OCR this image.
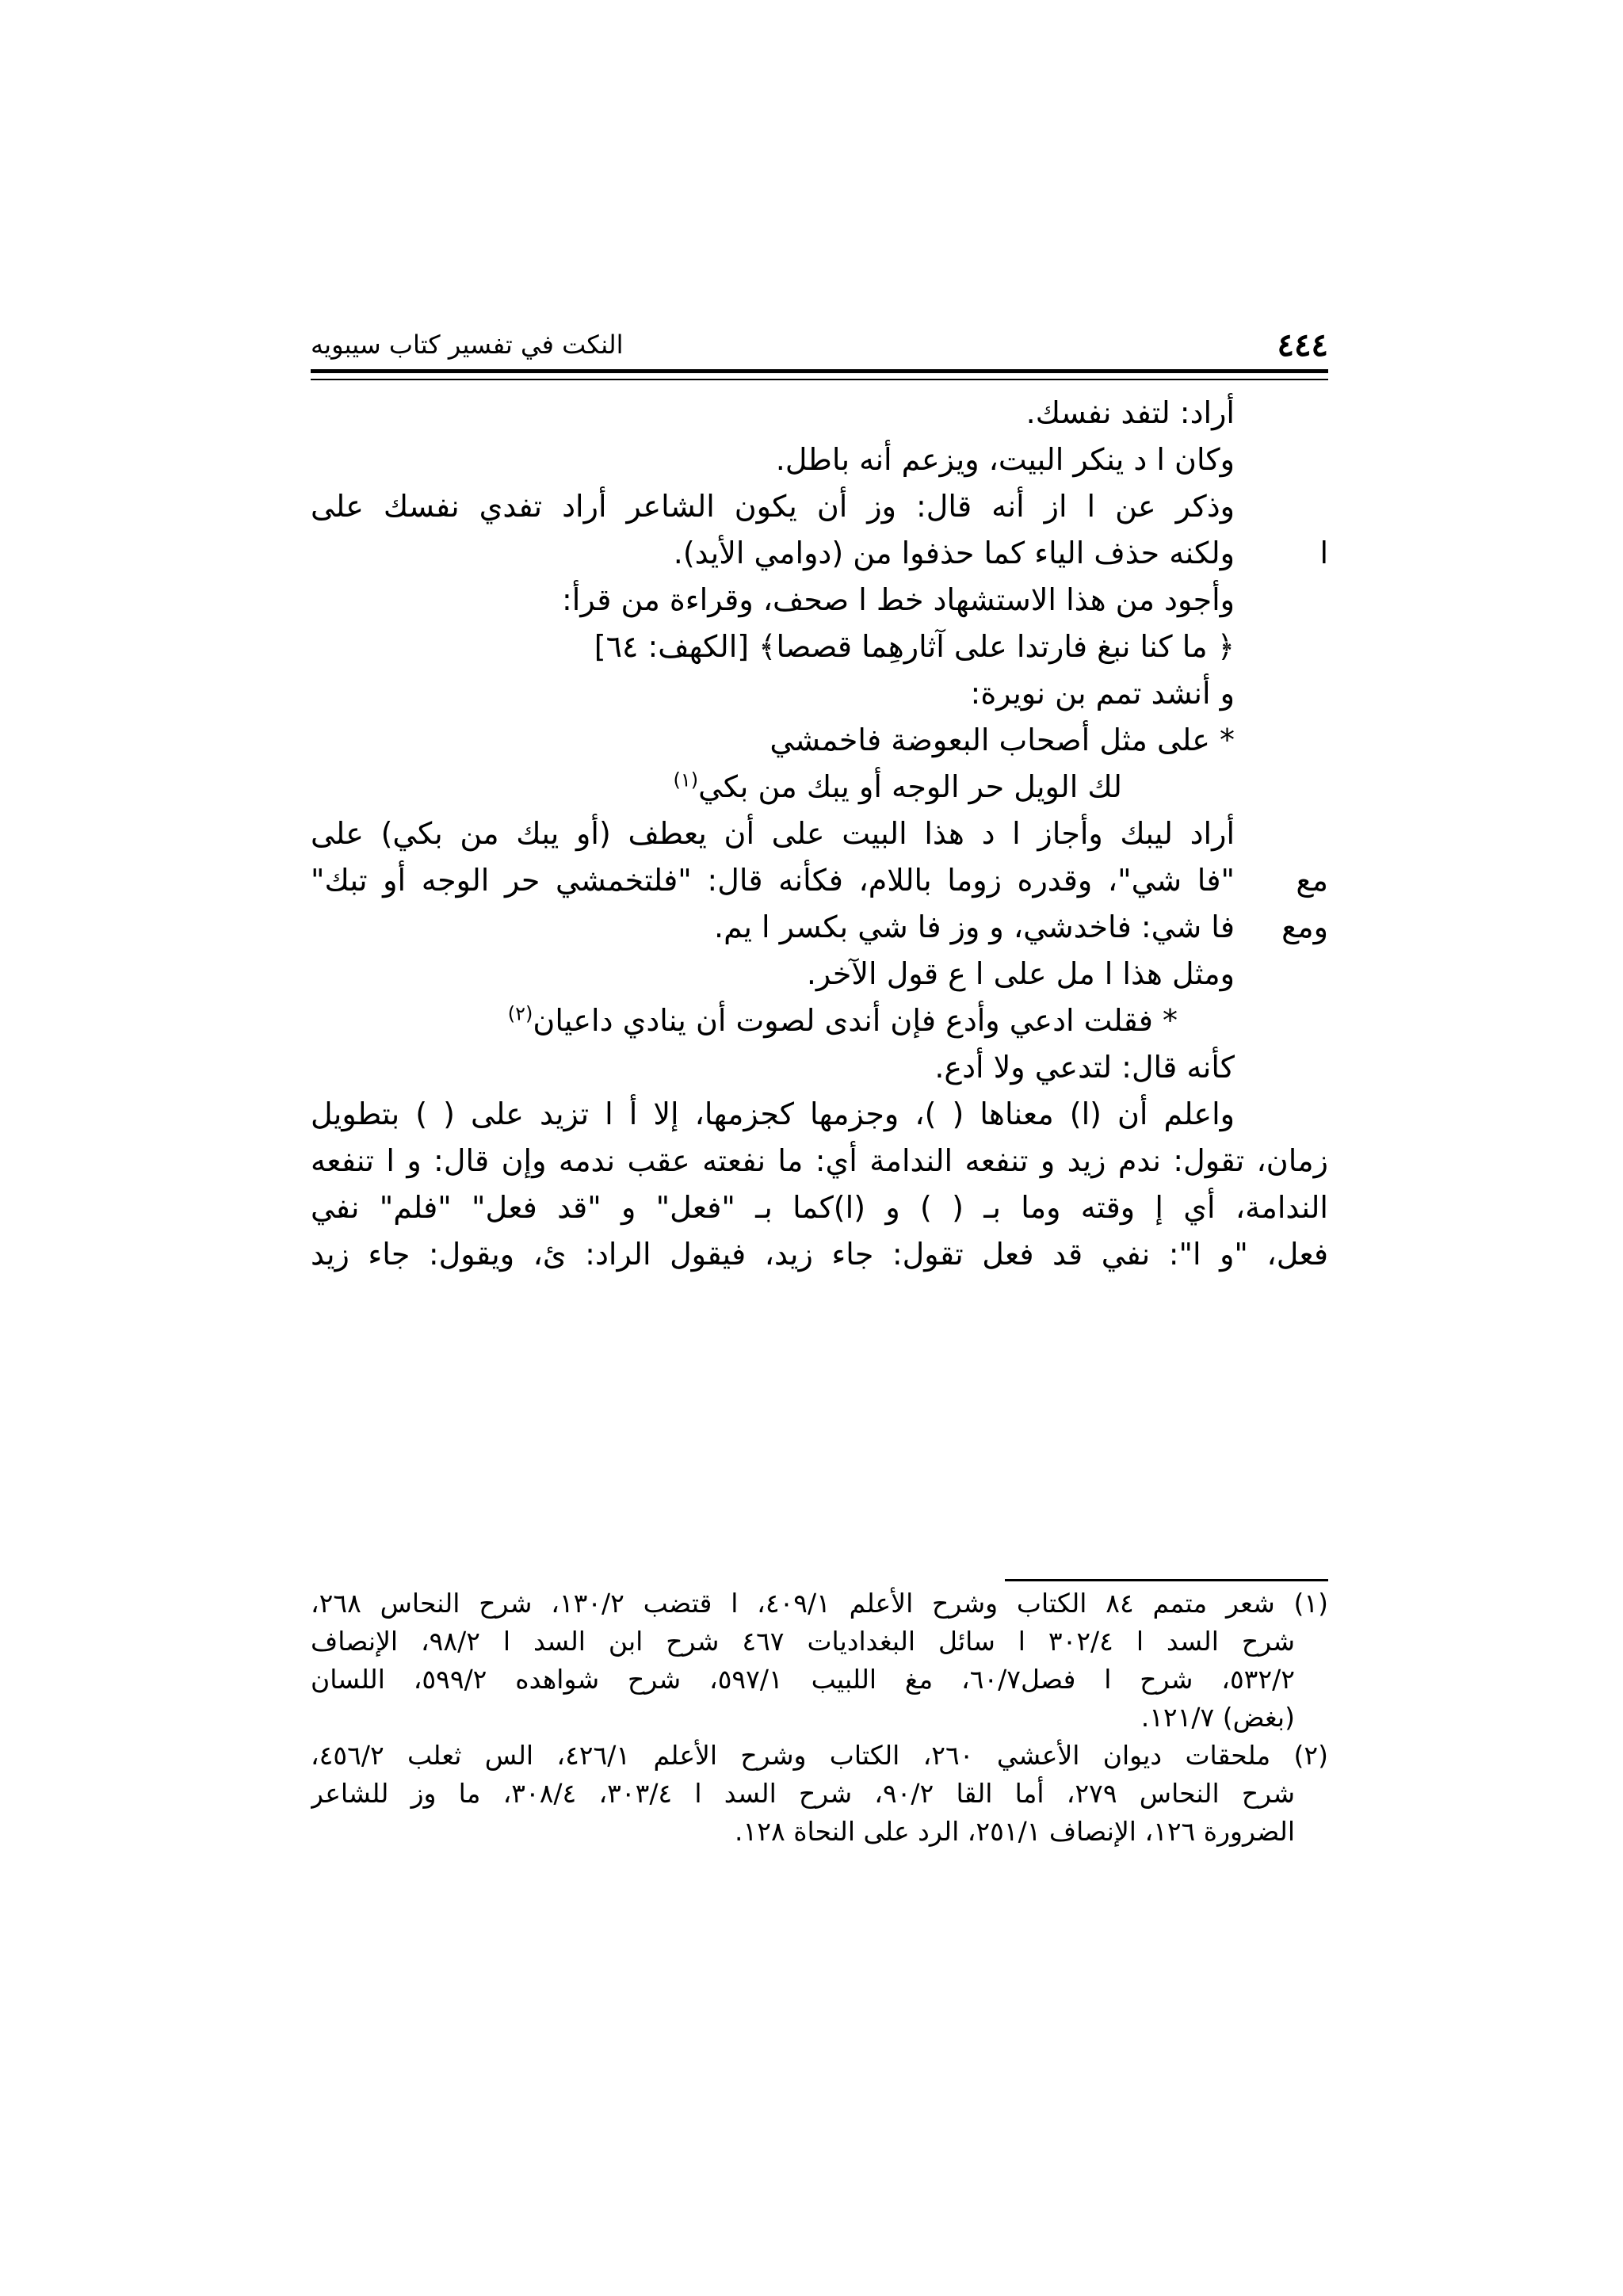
٤٤٤
النكت في تفسير كتاب سيبويه
أراد: لتفد نفسك.
وكان ا د ينكر البيت، ويزعم أنه باطل.
وذكر عن ا از أنه قال: وز أن يكون الشاعر أراد تفدي نفسك على
ا
ولكنه حذف الياء كما حذفوا من (دوامي الأيد).
وأجود من هذا الاستشهاد خط ا صحف، وقراءة من قرأ:
﴿ ما كنا نبغ فارتدا على آثارهِما قصصا﴾ [الكهف: ٦٤]
و أنشد تمم بن نويرة:
* على مثل أصحاب البعوضة فاخمشي
لك الويل حر الوجه أو يبك من بكي$^{(١)}$
أراد ليبك وأجاز ا د هذا البيت على أن يعطف (أو يبك من بكي) على
مع
"فا شي"، وقدره زوما باللام، فكأنه قال: "فلتخمشي حر الوجه أو تبك"
ومع
فا شي: فاخدشي، و وز فا شي بكسر ا يم.
ومثل هذا ا مل على ا ع قول الآخر.
* فقلت ادعي وأدع فإن أندى لصوت أن ينادي داعيان$^{(٢)}$
كأنه قال: لتدعي ولا أدع.
واعلم أن (ا) معناها ( )، وجزمها كجزمها، إلا أ ا تزيد على ( ) بتطويل
زمان، تقول: ندم زيد و تنفعه الندامة أي: ما نفعته عقب ندمه وإن قال: و ا تنفعه
الندامة، أي إ وقته وما بـ ( ) و (ا)كما بـ "فعل" و "قد فعل" "فلم" نفي
فعل، "و ا": نفي قد فعل تقول: جاء زيد، فيقول الراد: ئ، ويقول: جاء زيد
(١) شعر متمم ٨٤ الكتاب وشرح الأعلم ٤٠٩/١، ا قتضب ١٣٠/٢، شرح النحاس ٢٦٨،
شرح السد ا ٣٠٢/٤ ا سائل البغداديات ٤٦٧ شرح ابن السد ا ٩٨/٢، الإنصاف
٥٣٢/٢، شرح ا فصل٦٠/٧، مغ اللبيب ٥٩٧/١، شرح شواهده ٥٩٩/٢، اللسان
(بغض) ١٢١/٧.
(٢) ملحقات ديوان الأعشي ٢٦٠، الكتاب وشرح الأعلم ٤٢٦/١، الس ثعلب ٤٥٦/٢،
شرح النحاس ٢٧٩، أما القا ٩٠/٢، شرح السد ا ٣٠٣/٤، ٣٠٨/٤، ما وز للشاعر
الضرورة ١٢٦، الإنصاف ٢٥١/١، الرد على النحاة ١٢٨.
